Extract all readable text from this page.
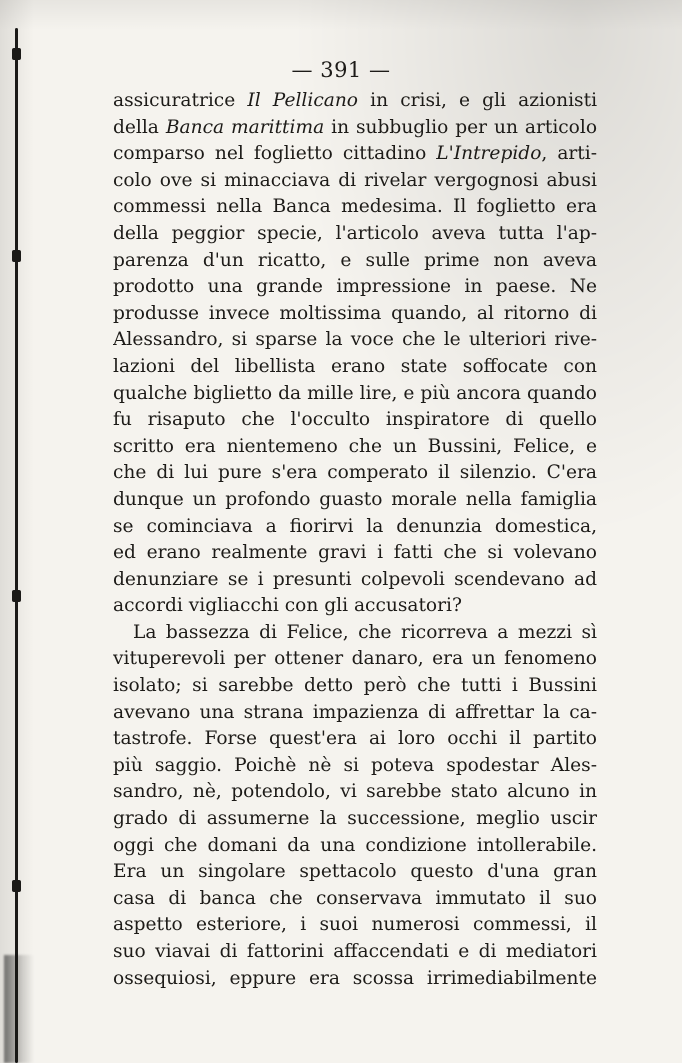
— 391 —
assicuratrice Il Pellicano in crisi, e gli azionisti
della Banca marittima in subbuglio per un articolo
comparso nel foglietto cittadino L'Intrepido, arti-
colo ove si minacciava di rivelar vergognosi abusi
commessi nella Banca medesima. Il foglietto era
della peggior specie, l'articolo aveva tutta l'ap-
parenza d'un ricatto, e sulle prime non aveva
prodotto una grande impressione in paese. Ne
produsse invece moltissima quando, al ritorno di
Alessandro, si sparse la voce che le ulteriori rive-
lazioni del libellista erano state soffocate con
qualche biglietto da mille lire, e più ancora quando
fu risaputo che l'occulto inspiratore di quello
scritto era nientemeno che un Bussini, Felice, e
che di lui pure s'era comperato il silenzio. C'era
dunque un profondo guasto morale nella famiglia
se cominciava a fiorirvi la denunzia domestica,
ed erano realmente gravi i fatti che si volevano
denunziare se i presunti colpevoli scendevano ad
accordi vigliacchi con gli accusatori?
La bassezza di Felice, che ricorreva a mezzi sì
vituperevoli per ottener danaro, era un fenomeno
isolato; si sarebbe detto però che tutti i Bussini
avevano una strana impazienza di affrettar la ca-
tastrofe. Forse quest'era ai loro occhi il partito
più saggio. Poichè nè si poteva spodestar Ales-
sandro, nè, potendolo, vi sarebbe stato alcuno in
grado di assumerne la successione, meglio uscir
oggi che domani da una condizione intollerabile.
Era un singolare spettacolo questo d'una gran
casa di banca che conservava immutato il suo
aspetto esteriore, i suoi numerosi commessi, il
suo viavai di fattorini affaccendati e di mediatori
ossequiosi, eppure era scossa irrimediabilmente
